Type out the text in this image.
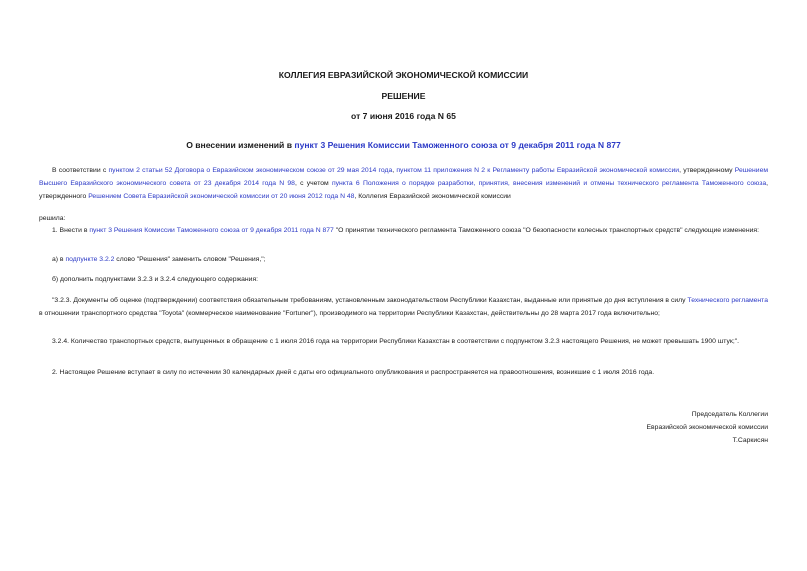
КОЛЛЕГИЯ ЕВРАЗИЙСКОЙ ЭКОНОМИЧЕСКОЙ КОМИССИИ
РЕШЕНИЕ
от 7 июня 2016 года N 65
О внесении изменений в пункт 3 Решения Комиссии Таможенного союза от 9 декабря 2011 года N 877
В соответствии с пунктом 2 статьи 52 Договора о Евразийском экономическом союзе от 29 мая 2014 года, пунктом 11 приложения N 2 к Регламенту работы Евразийской экономической комиссии, утвержденному Решением Высшего Евразийского экономического совета от 23 декабря 2014 года N 98, с учетом пункта 6 Положения о порядке разработки, принятия, внесения изменений и отмены технического регламента Таможенного союза, утвержденного Решением Совета Евразийской экономической комиссии от 20 июня 2012 года N 48, Коллегия Евразийской экономической комиссии
решила:
1. Внести в пункт 3 Решения Комиссии Таможенного союза от 9 декабря 2011 года N 877 "О принятии технического регламента Таможенного союза "О безопасности колесных транспортных средств" следующие изменения:
а) в подпункте 3.2.2 слово "Решения" заменить словом "Решения,";
б) дополнить подпунктами 3.2.3 и 3.2.4 следующего содержания:
"3.2.3. Документы об оценке (подтверждении) соответствия обязательным требованиям, установленным законодательством Республики Казахстан, выданные или принятые до дня вступления в силу Технического регламента в отношении транспортного средства "Toyota" (коммерческое наименование "Fortuner"), производимого на территории Республики Казахстан, действительны до 28 марта 2017 года включительно;
3.2.4. Количество транспортных средств, выпущенных в обращение с 1 июля 2016 года на территории Республики Казахстан в соответствии с подпунктом 3.2.3 настоящего Решения, не может превышать 1900 штук;".
2. Настоящее Решение вступает в силу по истечении 30 календарных дней с даты его официального опубликования и распространяется на правоотношения, возникшие с 1 июля 2016 года.
Председатель Коллегии
Евразийской экономической комиссии
Т.Саркисян
